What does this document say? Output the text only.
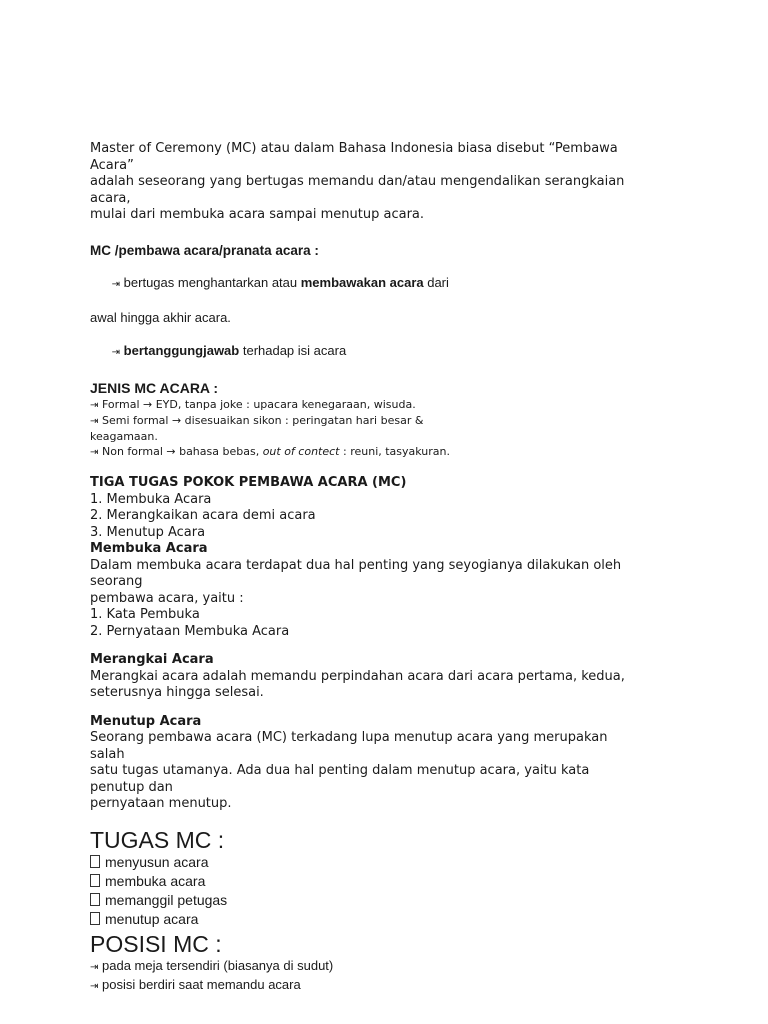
Master of Ceremony (MC) atau dalam Bahasa Indonesia biasa disebut “Pembawa

Acara”

adalah seseorang yang bertugas memandu dan/atau mengendalikan serangkaian

acara,

mulai dari membuka acara sampai menutup acara.

MC /pembawa acara/pranata acara :

⇥ bertugas menghantarkan atau membawakan acara dari

awal hingga akhir acara.

⇥ bertanggungjawab terhadap isi acara

JENIS MC ACARA :

⇥ Formal → EYD, tanpa joke : upacara kenegaraan, wisuda.

⇥ Semi formal → disesuaikan sikon : peringatan hari besar &

keagamaan.

⇥ Non formal → bahasa bebas, out of contect : reuni, tasyakuran.

TIGA TUGAS POKOK PEMBAWA ACARA (MC)

1. Membuka Acara

2. Merangkaikan acara demi acara

3. Menutup Acara

Membuka Acara

Dalam membuka acara terdapat dua hal penting yang seyogianya dilakukan oleh

seorang

pembawa acara, yaitu :

1. Kata Pembuka

2. Pernyataan Membuka Acara

Merangkai Acara

Merangkai acara adalah memandu perpindahan acara dari acara pertama, kedua,

seterusnya hingga selesai.

Menutup Acara

Seorang pembawa acara (MC) terkadang lupa menutup acara yang merupakan

salah

satu tugas utamanya. Ada dua hal penting dalam menutup acara, yaitu kata

penutup dan

pernyataan menutup.

TUGAS MC :

menyusun acara

membuka acara

memanggil petugas

menutup acara

POSISI MC :

⇥ pada meja tersendiri (biasanya di sudut)

⇥ posisi berdiri saat memandu acara
